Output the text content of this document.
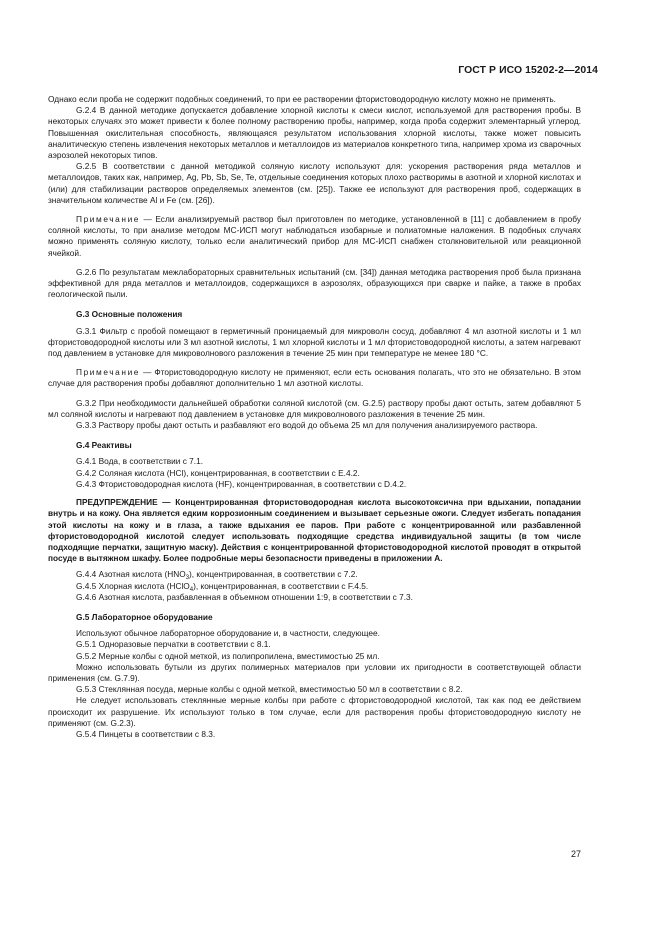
ГОСТ Р ИСО 15202-2—2014

Однако если проба не содержит подобных соединений, то при ее растворении фтористоводородную кислоту можно не применять.

G.2.4 В данной методике допускается добавление хлорной кислоты к смеси кислот, используемой для растворения пробы. В некоторых случаях это может привести к более полному растворению пробы, например, когда проба содержит элементарный углерод. Повышенная окислительная способность, являющаяся результатом использования хлорной кислоты, также может повысить аналитическую степень извлечения некоторых металлов и металлоидов из материалов конкретного типа, например хрома из сварочных аэрозолей некоторых типов.

G.2.5 В соответствии с данной методикой соляную кислоту используют для: ускорения растворения ряда металлов и металлоидов, таких как, например, Ag, Pb, Sb, Se, Te, отдельные соединения которых плохо растворимы в азотной и хлорной кислотах и (или) для стабилизации растворов определяемых элементов (см. [25]). Также ее используют для растворения проб, содержащих в значительном количестве Al и Fe (см. [26]).

Примечание — Если анализируемый раствор был приготовлен по методике, установленной в [11] с добавлением в пробу соляной кислоты, то при анализе методом МС-ИСП могут наблюдаться изобарные и полиатомные наложения. В подобных случаях можно применять соляную кислоту, только если аналитический прибор для МС-ИСП снабжен столкновительной или реакционной ячейкой.

G.2.6 По результатам межлабораторных сравнительных испытаний (см. [34]) данная методика растворения проб была признана эффективной для ряда металлов и металлоидов, содержащихся в аэрозолях, образующихся при сварке и пайке, а также в пробах геологической пыли.

G.3 Основные положения

G.3.1 Фильтр с пробой помещают в герметичный проницаемый для микроволн сосуд, добавляют 4 мл азотной кислоты и 1 мл фтористоводородной кислоты или 3 мл азотной кислоты, 1 мл хлорной кислоты и 1 мл фтористоводородной кислоты, а затем нагревают под давлением в установке для микроволнового разложения в течение 25 мин при температуре не менее 180 °С.

Примечание — Фтористоводородную кислоту не применяют, если есть основания полагать, что это не обязательно. В этом случае для растворения пробы добавляют дополнительно 1 мл азотной кислоты.

G.3.2 При необходимости дальнейшей обработки соляной кислотой (см. G.2.5) раствору пробы дают остыть, затем добавляют 5 мл соляной кислоты и нагревают под давлением в установке для микроволнового разложения в течение 25 мин.

G.3.3 Раствору пробы дают остыть и разбавляют его водой до объема 25 мл для получения анализируемого раствора.

G.4 Реактивы

G.4.1 Вода, в соответствии с 7.1.

G.4.2 Соляная кислота (HCl), концентрированная, в соответствии с Е.4.2.

G.4.3 Фтористоводородная кислота (HF), концентрированная, в соответствии с D.4.2.

ПРЕДУПРЕЖДЕНИЕ — Концентрированная фтористоводородная кислота высокотоксична при вдыхании, попадании внутрь и на кожу. Она является едким коррозионным соединением и вызывает серьезные ожоги. Следует избегать попадания этой кислоты на кожу и в глаза, а также вдыхания ее паров. При работе с концентрированной или разбавленной фтористоводородной кислотой следует использовать подходящие средства индивидуальной защиты (в том числе подходящие перчатки, защитную маску). Действия с концентрированной фтористоводородной кислотой проводят в открытой посуде в вытяжном шкафу. Более подробные меры безопасности приведены в приложении А.

G.4.4 Азотная кислота $(HNO_3)$, концентрированная, в соответствии с 7.2.

G.4.5 Хлорная кислота (HClO$_4$), концентрированная, в соответствии с F.4.5.

G.4.6 Азотная кислота, разбавленная в объемном отношении 1:9, в соответствии с 7.3.

G.5 Лабораторное оборудование

Используют обычное лабораторное оборудование и, в частности, следующее.

G.5.1 Одноразовые перчатки в соответствии с 8.1.

G.5.2 Мерные колбы с одной меткой, из полипропилена, вместимостью 25 мл.

Можно использовать бутыли из других полимерных материалов при условии их пригодности в соответствующей области применения (см. G.7.9).

G.5.3 Стеклянная посуда, мерные колбы с одной меткой, вместимостью 50 мл в соответствии с 8.2.

Не следует использовать стеклянные мерные колбы при работе с фтористоводородной кислотой, так как под ее действием происходит их разрушение. Их используют только в том случае, если для растворения пробы фтористоводородную кислоту не применяют (см. G.2.3).

G.5.4 Пинцеты в соответствии с 8.3.

27
